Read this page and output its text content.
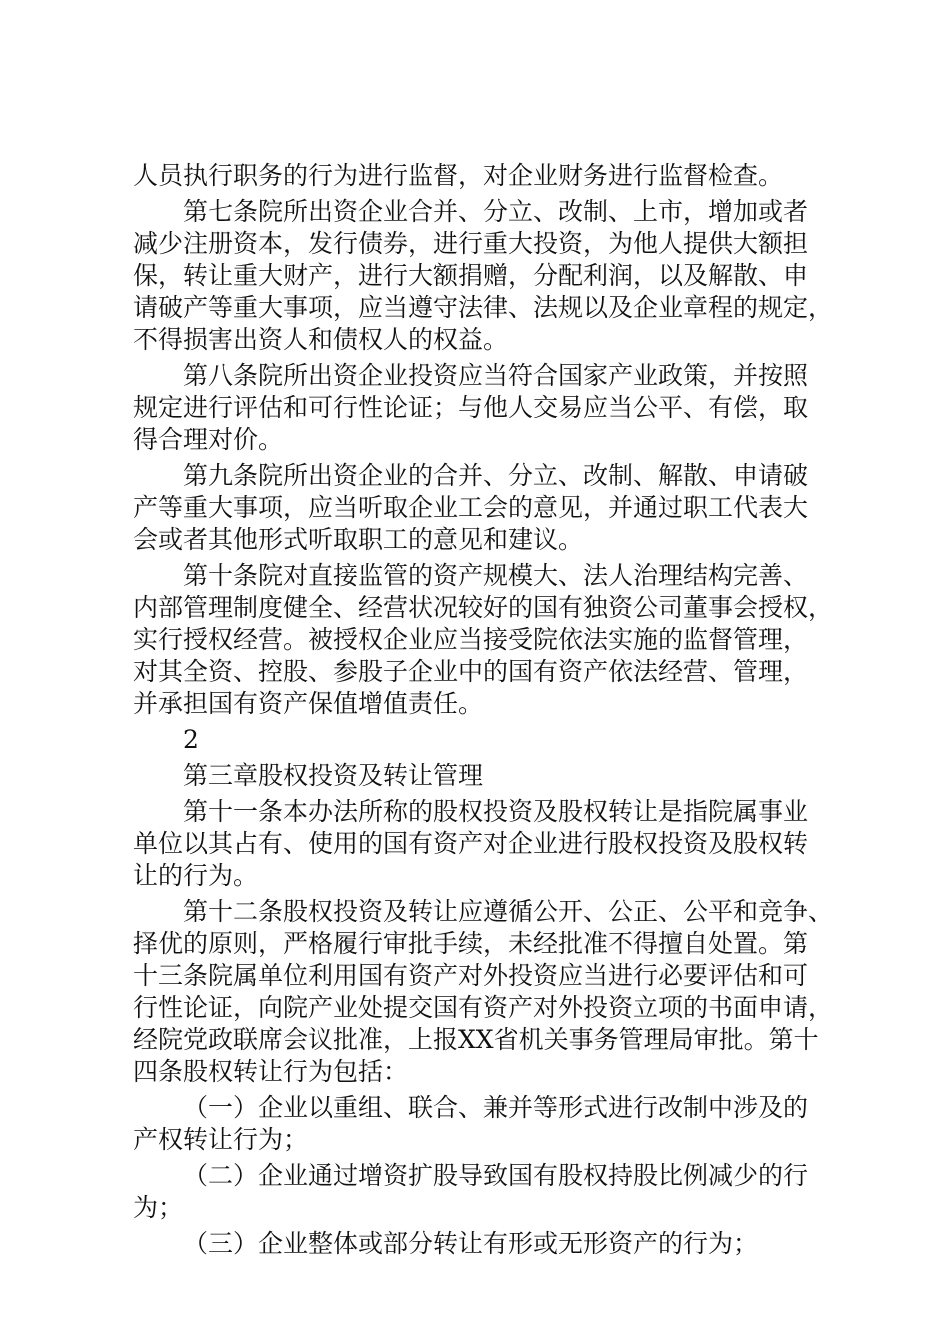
人员执行职务的行为进行监督，对企业财务进行监督检查。
第七条院所出资企业合并、分立、改制、上市，增加或者
减少注册资本，发行债券，进行重大投资，为他人提供大额担
保，转让重大财产，进行大额捐赠，分配利润，以及解散、申
请破产等重大事项，应当遵守法律、法规以及企业章程的规定，
不得损害出资人和债权人的权益。
第八条院所出资企业投资应当符合国家产业政策，并按照
规定进行评估和可行性论证；与他人交易应当公平、有偿，取
得合理对价。
第九条院所出资企业的合并、分立、改制、解散、申请破
产等重大事项，应当听取企业工会的意见，并通过职工代表大
会或者其他形式听取职工的意见和建议。
第十条院对直接监管的资产规模大、法人治理结构完善、
内部管理制度健全、经营状况较好的国有独资公司董事会授权，
实行授权经营。被授权企业应当接受院依法实施的监督管理，
对其全资、控股、参股子企业中的国有资产依法经营、管理，
并承担国有资产保值增值责任。
2
第三章股权投资及转让管理
第十一条本办法所称的股权投资及股权转让是指院属事业
单位以其占有、使用的国有资产对企业进行股权投资及股权转
让的行为。
第十二条股权投资及转让应遵循公开、公正、公平和竞争、
择优的原则，严格履行审批手续，未经批准不得擅自处置。第
十三条院属单位利用国有资产对外投资应当进行必要评估和可
行性论证，向院产业处提交国有资产对外投资立项的书面申请，
经院党政联席会议批准，上报XX省机关事务管理局审批。第十
四条股权转让行为包括：
（一）企业以重组、联合、兼并等形式进行改制中涉及的
产权转让行为；
（二）企业通过增资扩股导致国有股权持股比例减少的行
为；
（三）企业整体或部分转让有形或无形资产的行为；
